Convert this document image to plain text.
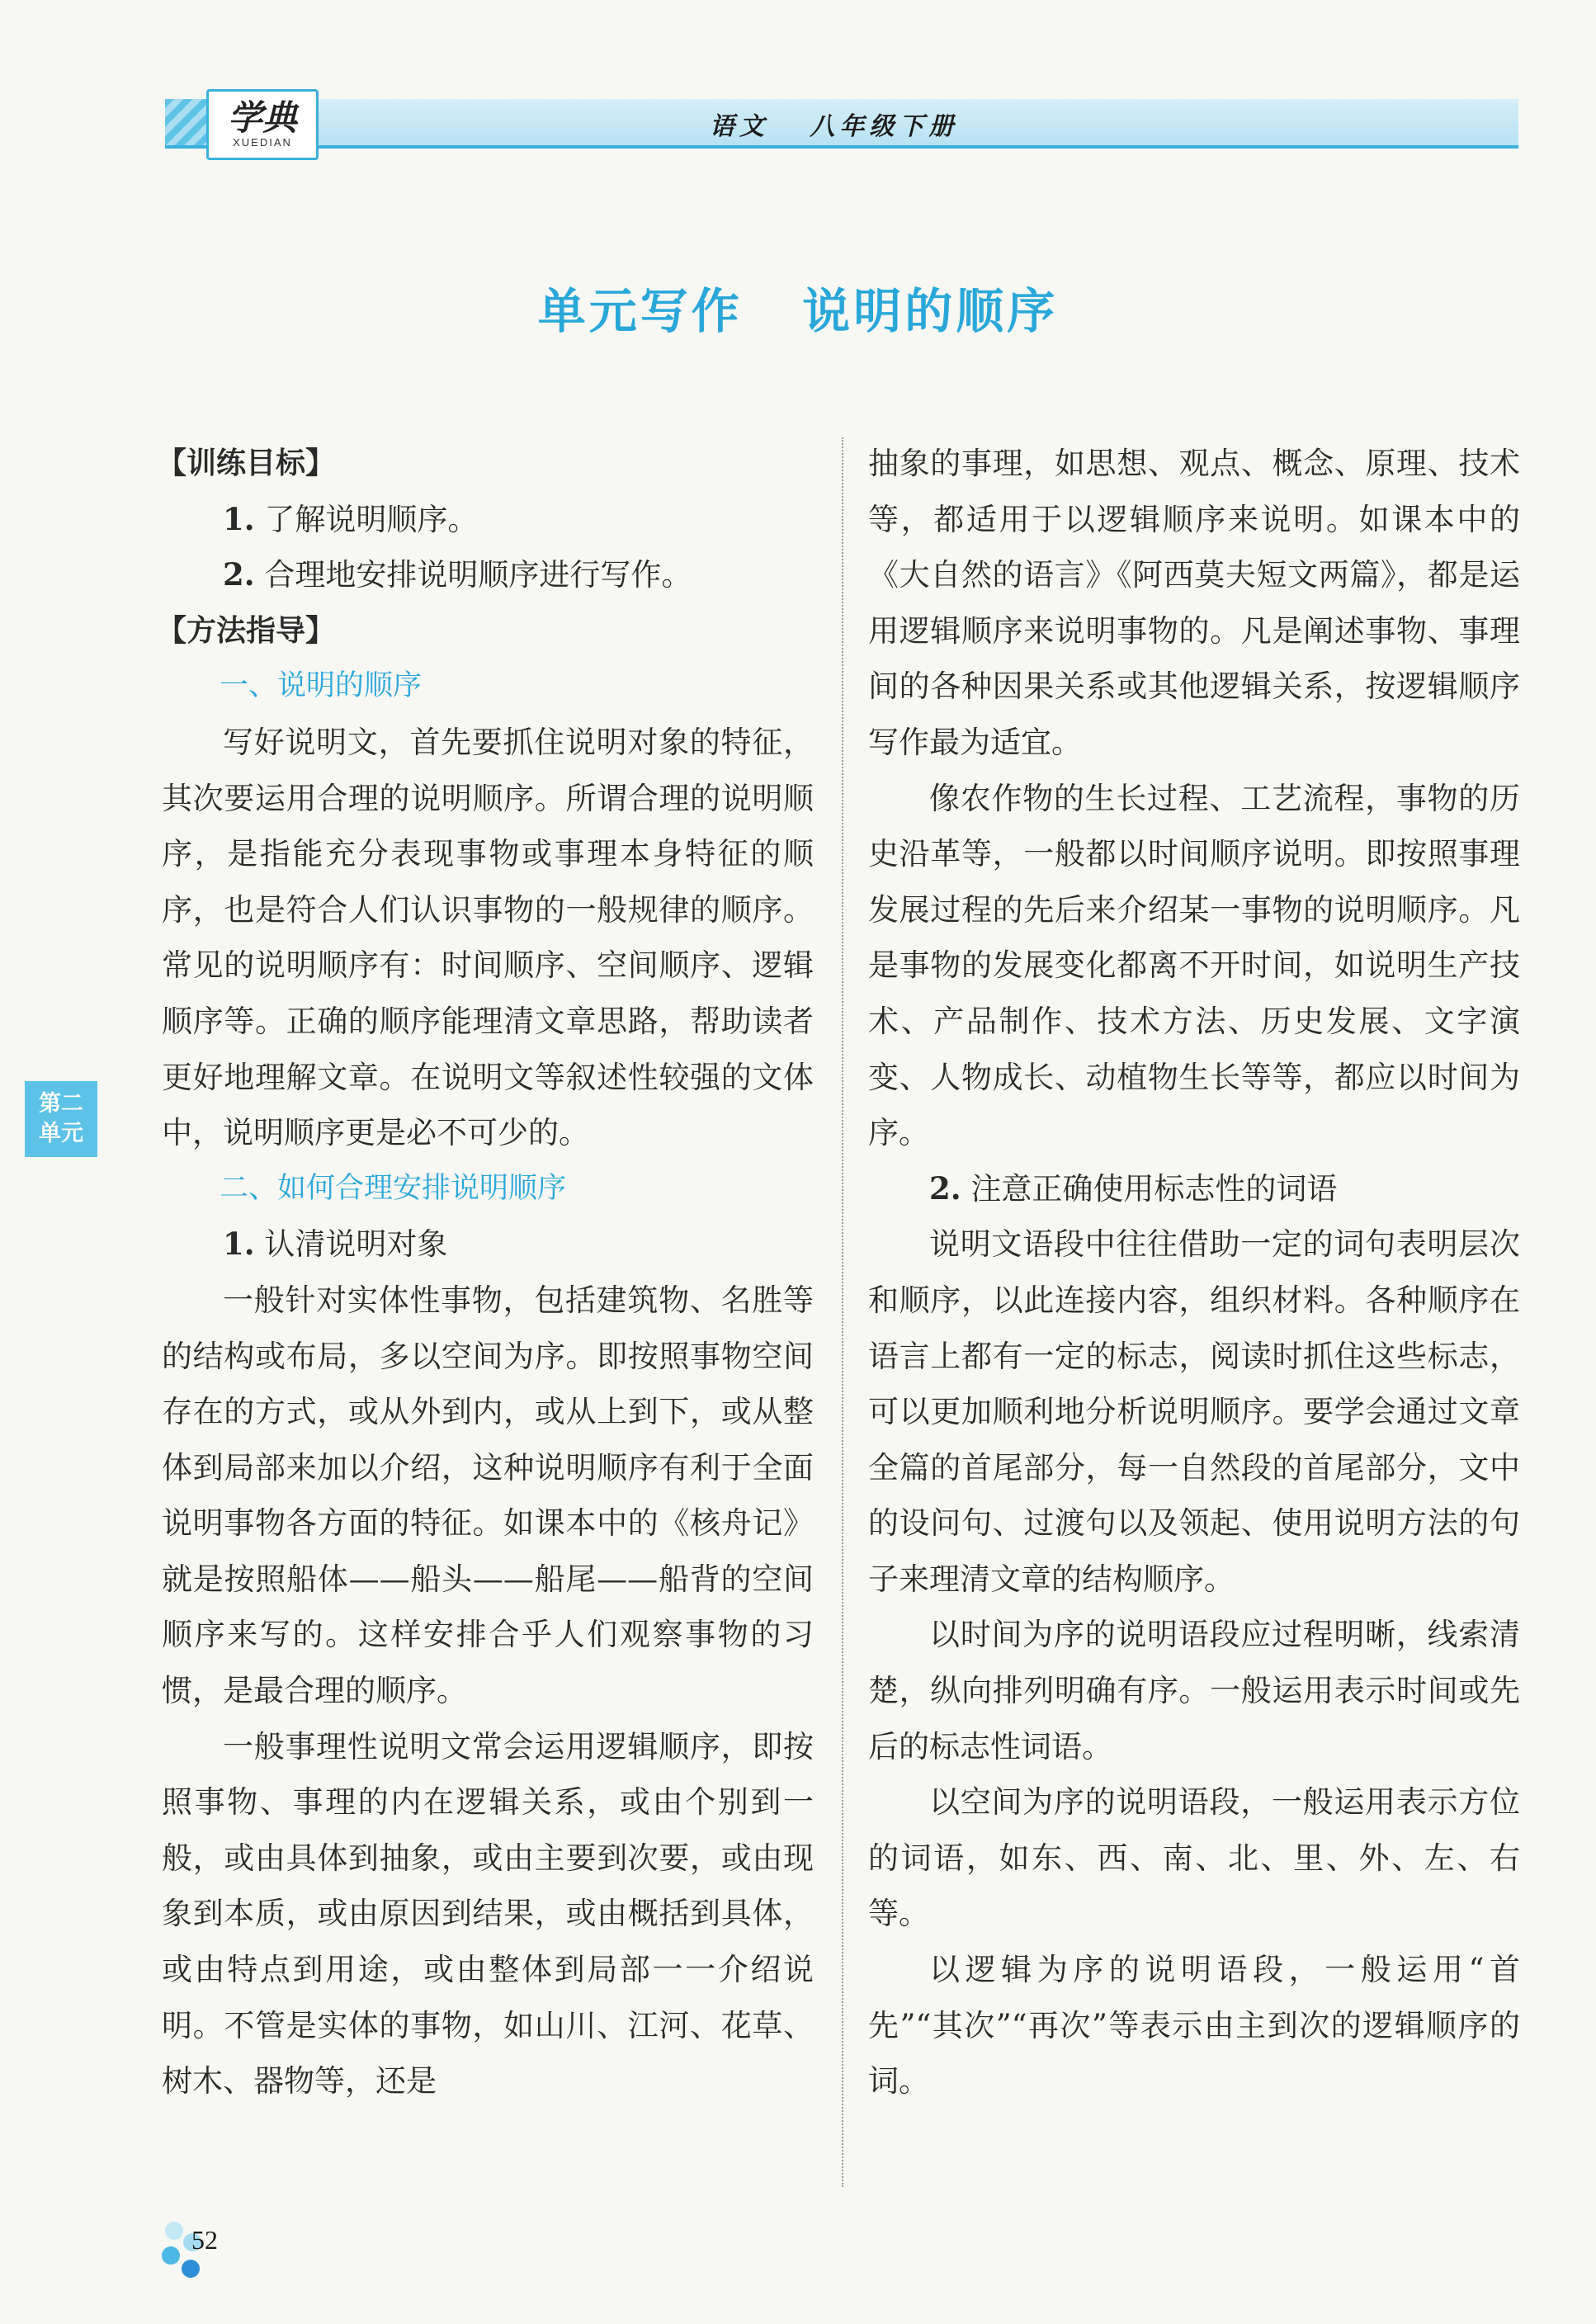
学典
XUEDIAN
语文   八年级下册
单元写作   说明的顺序

【训练目标】

1. 了解说明顺序。

2. 合理地安排说明顺序进行写作。

【方法指导】

一、说明的顺序

写好说明文，首先要抓住说明对象的特征，其次要运用合理的说明顺序。所谓合理的说明顺序，是指能充分表现事物或事理本身特征的顺序，也是符合人们认识事物的一般规律的顺序。常见的说明顺序有：时间顺序、空间顺序、逻辑顺序等。正确的顺序能理清文章思路，帮助读者更好地理解文章。在说明文等叙述性较强的文体中，说明顺序更是必不可少的。

二、如何合理安排说明顺序

1. 认清说明对象

一般针对实体性事物，包括建筑物、名胜等的结构或布局，多以空间为序。即按照事物空间存在的方式，或从外到内，或从上到下，或从整体到局部来加以介绍，这种说明顺序有利于全面说明事物各方面的特征。如课本中的《核舟记》就是按照船体——船头——船尾——船背的空间顺序来写的。这样安排合乎人们观察事物的习惯，是最合理的顺序。

一般事理性说明文常会运用逻辑顺序，即按照事物、事理的内在逻辑关系，或由个别到一般，或由具体到抽象，或由主要到次要，或由现象到本质，或由原因到结果，或由概括到具体，或由特点到用途，或由整体到局部一一介绍说明。不管是实体的事物，如山川、江河、花草、树木、器物等，还是

抽象的事理，如思想、观点、概念、原理、技术等，都适用于以逻辑顺序来说明。如课本中的《大自然的语言》《阿西莫夫短文两篇》，都是运用逻辑顺序来说明事物的。凡是阐述事物、事理间的各种因果关系或其他逻辑关系，按逻辑顺序写作最为适宜。

像农作物的生长过程、工艺流程，事物的历史沿革等，一般都以时间顺序说明。即按照事理发展过程的先后来介绍某一事物的说明顺序。凡是事物的发展变化都离不开时间，如说明生产技术、产品制作、技术方法、历史发展、文字演变、人物成长、动植物生长等等，都应以时间为序。

2. 注意正确使用标志性的词语

说明文语段中往往借助一定的词句表明层次和顺序，以此连接内容，组织材料。各种顺序在语言上都有一定的标志，阅读时抓住这些标志，可以更加顺利地分析说明顺序。要学会通过文章全篇的首尾部分，每一自然段的首尾部分，文中的设问句、过渡句以及领起、使用说明方法的句子来理清文章的结构顺序。

以时间为序的说明语段应过程明晰，线索清楚，纵向排列明确有序。一般运用表示时间或先后的标志性词语。

以空间为序的说明语段，一般运用表示方位的词语，如东、西、南、北、里、外、左、右等。

以逻辑为序的说明语段，一般运用“首先”“其次”“再次”等表示由主到次的逻辑顺序的词。

第二
单元
52
